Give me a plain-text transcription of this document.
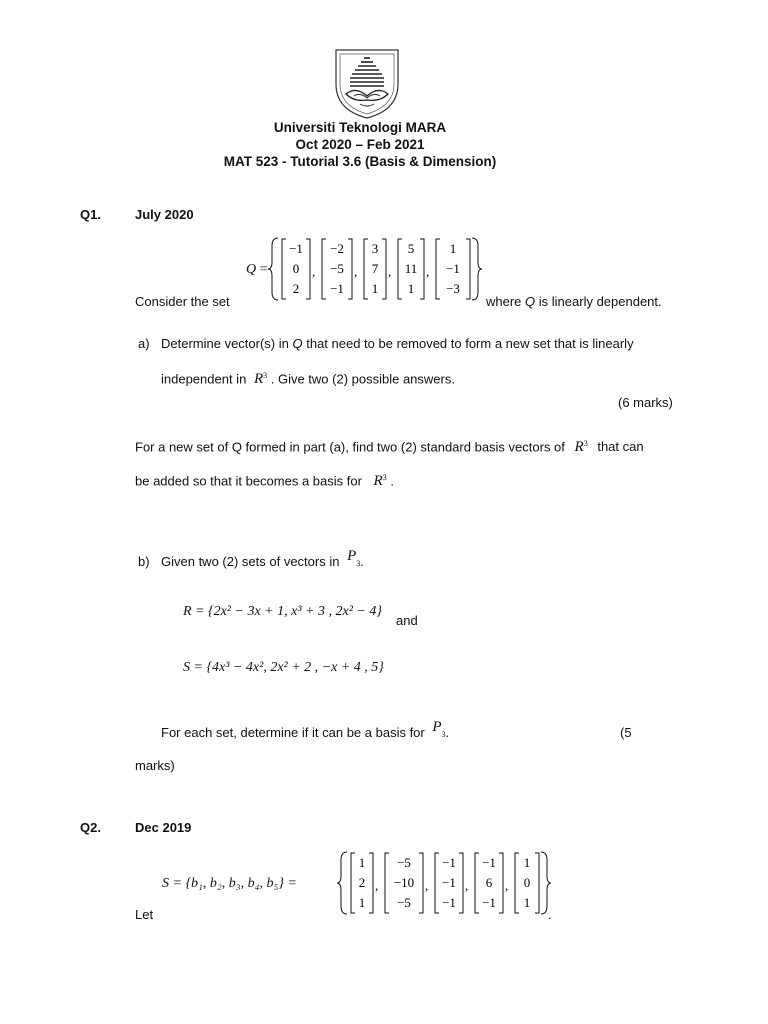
Universiti Teknologi MARA
Oct 2020 – Feb 2021
MAT 523 - Tutorial 3.6 (Basis & Dimension)
Q1.	July 2020
Q =
−1
0
2
,
−2
−5
−1
,
3
7
1
,
5
11
1
,
1
−1
−3
Consider the set	where Q is linearly dependent.
a) Determine vector(s) in Q that need to be removed to form a new set that is linearly
independent in $R^3$ . Give two (2) possible answers.
(6 marks)
For a new set of Q formed in part (a), find two (2) standard basis vectors of $R^3$ that can
be added so that it becomes a basis for $R^3$ .
b) Given two (2) sets of vectors in $P_3$.
R = {2x² − 3x + 1, x³ + 3 , 2x² − 4}
and
S = {4x³ − 4x², 2x² + 2 , −x + 4 , 5}
For each set, determine if it can be a basis for $P_3$.	(5
marks)
Q2.	Dec 2019
S = {b₁, b₂, b₃, b₄, b₅} =
1
2
1
,
−5
−10
−5
,
−1
−1
−1
,
−1
6
−1
,
1
0
1
Let	.
